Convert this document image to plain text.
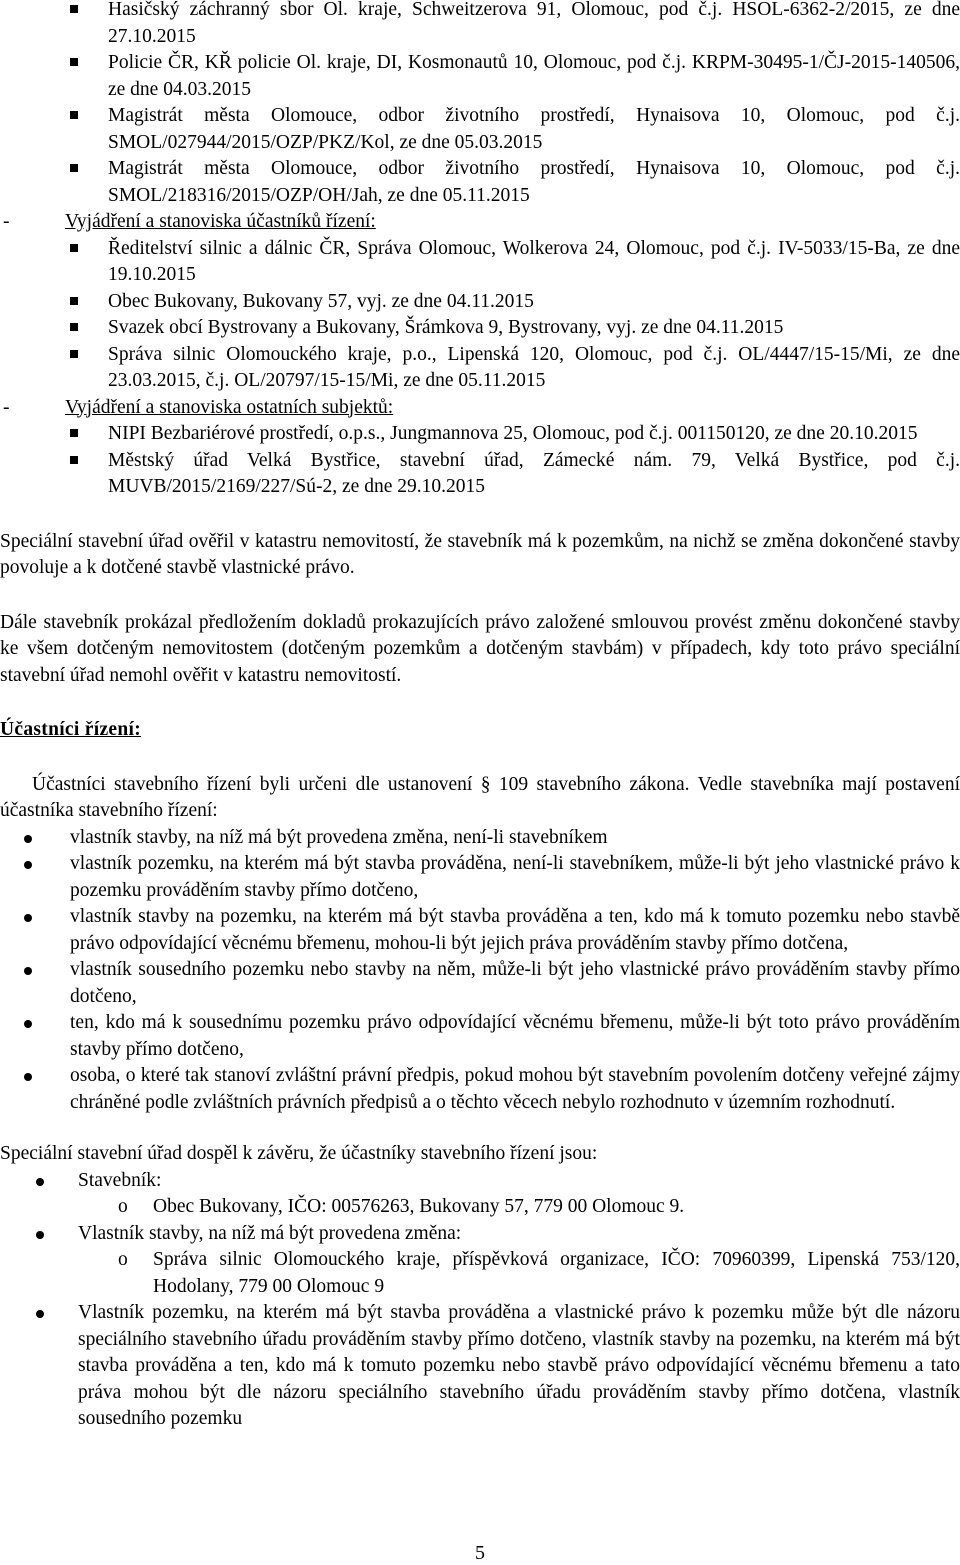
Hasičský záchranný sbor Ol. kraje, Schweitzerova 91, Olomouc, pod č.j. HSOL-6362-2/2015, ze dne 27.10.2015

Policie ČR, KŘ policie Ol. kraje, DI, Kosmonautů 10, Olomouc, pod č.j. KRPM-30495-1/ČJ-2015-140506, ze dne 04.03.2015

Magistrát města Olomouce, odbor životního prostředí, Hynaisova 10, Olomouc, pod č.j. SMOL/027944/2015/OZP/PKZ/Kol, ze dne 05.03.2015

Magistrát města Olomouce, odbor životního prostředí, Hynaisova 10, Olomouc, pod č.j. SMOL/218316/2015/OZP/OH/Jah, ze dne 05.11.2015

Vyjádření a stanoviska účastníků řízení:

Ředitelství silnic a dálnic ČR, Správa Olomouc, Wolkerova 24, Olomouc, pod č.j. IV-5033/15-Ba, ze dne 19.10.2015

Obec Bukovany, Bukovany 57, vyj. ze dne 04.11.2015

Svazek obcí Bystrovany a Bukovany, Šrámkova 9, Bystrovany, vyj. ze dne 04.11.2015

Správa silnic Olomouckého kraje, p.o., Lipenská 120, Olomouc, pod č.j. OL/4447/15-15/Mi, ze dne 23.03.2015, č.j. OL/20797/15-15/Mi, ze dne 05.11.2015

Vyjádření a stanoviska ostatních subjektů:

NIPI Bezbariérové prostředí, o.p.s., Jungmannova 25, Olomouc, pod č.j. 001150120, ze dne 20.10.2015

Městský úřad Velká Bystřice, stavební úřad, Zámecké nám. 79, Velká Bystřice, pod č.j. MUVB/2015/2169/227/Sú-2, ze dne 29.10.2015

Speciální stavební úřad ověřil v katastru nemovitostí, že stavebník má k pozemkům, na nichž se změna dokončené stavby povoluje a k dotčené stavbě vlastnické právo.

Dále stavebník prokázal předložením dokladů prokazujících právo založené smlouvou provést změnu dokončené stavby ke všem dotčeným nemovitostem (dotčeným pozemkům a dotčeným stavbám) v případech, kdy toto právo speciální stavební úřad nemohl ověřit v katastru nemovitostí.

Účastníci řízení:

Účastníci stavebního řízení byli určeni dle ustanovení § 109 stavebního zákona. Vedle stavebníka mají postavení účastníka stavebního řízení:

vlastník stavby, na níž má být provedena změna, není-li stavebníkem

vlastník pozemku, na kterém má být stavba prováděna, není-li stavebníkem, může-li být jeho vlastnické právo k pozemku prováděním stavby přímo dotčeno,

vlastník stavby na pozemku, na kterém má být stavba prováděna a ten, kdo má k tomuto pozemku nebo stavbě právo odpovídající věcnému břemenu, mohou-li být jejich práva prováděním stavby přímo dotčena,

vlastník sousedního pozemku nebo stavby na něm, může-li být jeho vlastnické právo prováděním stavby přímo dotčeno,

ten, kdo má k sousednímu pozemku právo odpovídající věcnému břemenu, může-li být toto právo prováděním stavby přímo dotčeno,

osoba, o které tak stanoví zvláštní právní předpis, pokud mohou být stavebním povolením dotčeny veřejné zájmy chráněné podle zvláštních právních předpisů a o těchto věcech nebylo rozhodnuto v územním rozhodnutí.

Speciální stavební úřad dospěl k závěru, že účastníky stavebního řízení jsou:

Stavebník:

o Obec Bukovany, IČO: 00576263, Bukovany 57, 779 00 Olomouc 9.

Vlastník stavby, na níž má být provedena změna:

o Správa silnic Olomouckého kraje, příspěvková organizace, IČO: 70960399, Lipenská 753/120, Hodolany, 779 00 Olomouc 9

Vlastník pozemku, na kterém má být stavba prováděna a vlastnické právo k pozemku může být dle názoru speciálního stavebního úřadu prováděním stavby přímo dotčeno, vlastník stavby na pozemku, na kterém má být stavba prováděna a ten, kdo má k tomuto pozemku nebo stavbě právo odpovídající věcnému břemenu a tato práva mohou být dle názoru speciálního stavebního úřadu prováděním stavby přímo dotčena, vlastník sousedního pozemku

5
